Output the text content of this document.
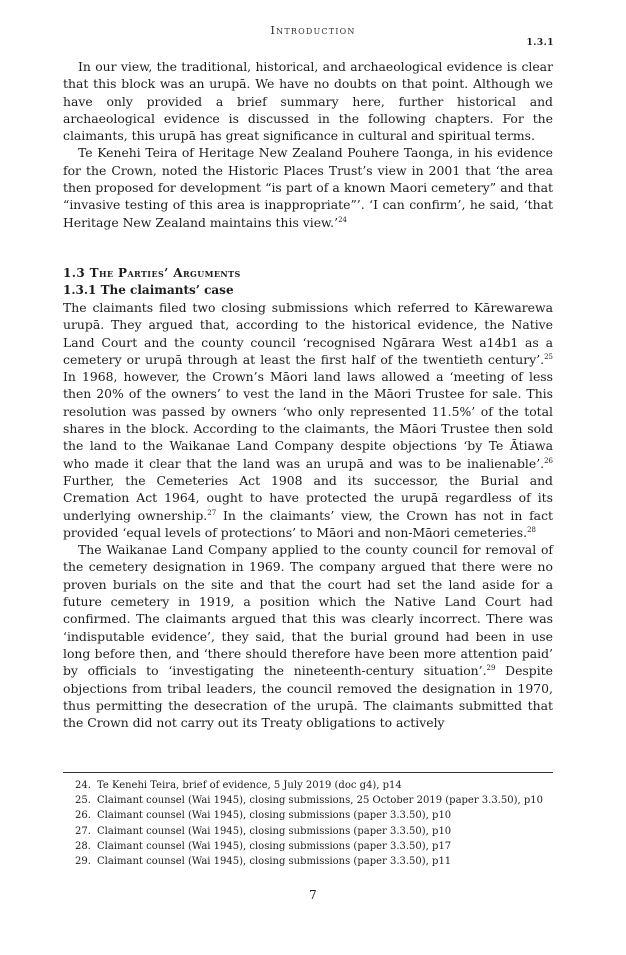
Introduction
1.3.1

In our view, the traditional, historical, and archaeological evidence is clear that this block was an urupā. We have no doubts on that point. Although we have only provided a brief summary here, further historical and archaeological evidence is discussed in the following chapters. For the claimants, this urupā has great significance in cultural and spiritual terms.

Te Kenehi Teira of Heritage New Zealand Pouhere Taonga, in his evidence for the Crown, noted the Historic Places Trust’s view in 2001 that ‘the area then proposed for development “is part of a known Maori cemetery” and that “invasive testing of this area is inappropriate”’. ‘I can confirm’, he said, ‘that Heritage New Zealand maintains this view.’$^{24}$

1.3 The Parties’ Arguments
1.3.1 The claimants’ case

The claimants filed two closing submissions which referred to Kārewarewa urupā. They argued that, according to the historical evidence, the Native Land Court and the county council ‘recognised Ngārara West a14b1 as a cemetery or urupā through at least the first half of the twentieth century’.$^{25}$ In 1968, however, the Crown’s Māori land laws allowed a ‘meeting of less then 20% of the owners’ to vest the land in the Māori Trustee for sale. This resolution was passed by owners ‘who only represented 11.5%’ of the total shares in the block. According to the claimants, the Māori Trustee then sold the land to the Waikanae Land Company despite objections ‘by Te Ātiawa who made it clear that the land was an urupā and was to be inalienable’.$^{26}$ Further, the Cemeteries Act 1908 and its successor, the Burial and Cremation Act 1964, ought to have protected the urupā regardless of its underlying ownership.$^{27}$ In the claimants’ view, the Crown has not in fact provided ‘equal levels of protections’ to Māori and non-Māori cemeteries.$^{28}$

The Waikanae Land Company applied to the county council for removal of the cemetery designation in 1969. The company argued that there were no proven burials on the site and that the court had set the land aside for a future cemetery in 1919, a position which the Native Land Court had confirmed. The claimants argued that this was clearly incorrect. There was ‘indisputable evidence’, they said, that the burial ground had been in use long before then, and ‘there should therefore have been more attention paid’ by officials to ‘investigating the nineteenth-century situation’.$^{29}$ Despite objections from tribal leaders, the council removed the designation in 1970, thus permitting the desecration of the urupā. The claimants submitted that the Crown did not carry out its Treaty obligations to actively

24. Te Kenehi Teira, brief of evidence, 5 July 2019 (doc g4), p14
25. Claimant counsel (Wai 1945), closing submissions, 25 October 2019 (paper 3.3.50), p10
26. Claimant counsel (Wai 1945), closing submissions (paper 3.3.50), p10
27. Claimant counsel (Wai 1945), closing submissions (paper 3.3.50), p10
28. Claimant counsel (Wai 1945), closing submissions (paper 3.3.50), p17
29. Claimant counsel (Wai 1945), closing submissions (paper 3.3.50), p11
7
